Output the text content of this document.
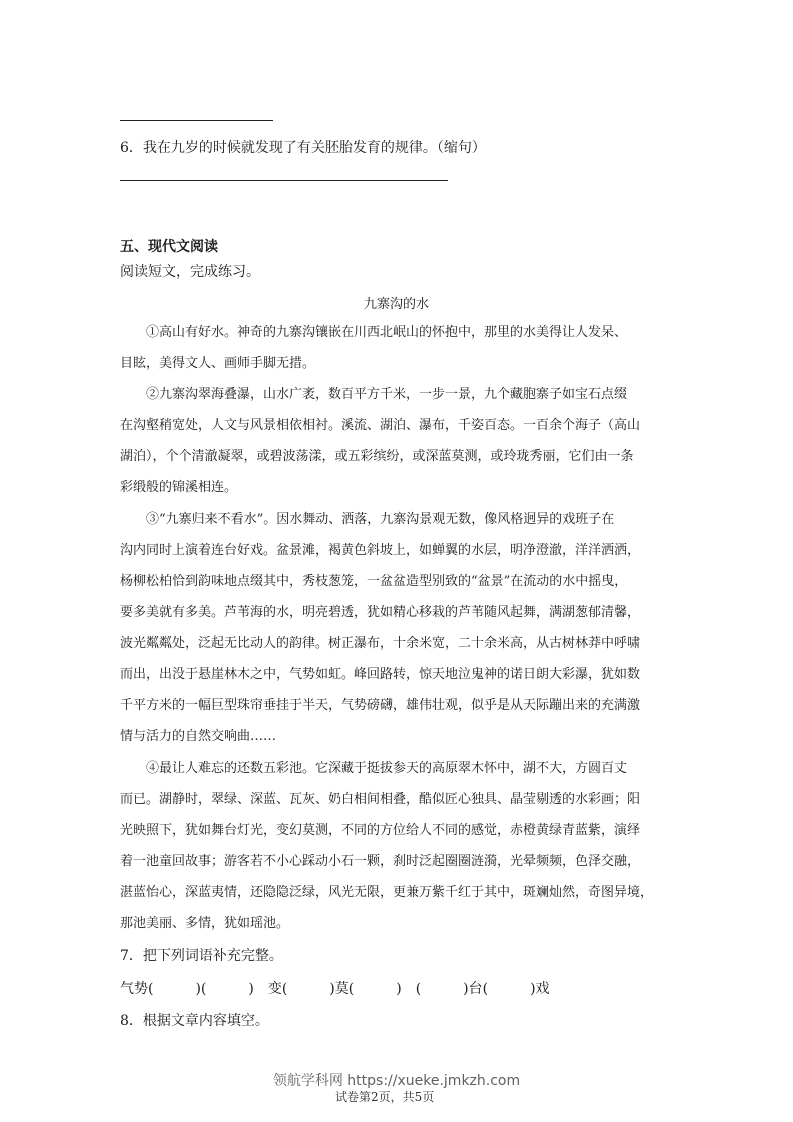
6．我在九岁的时候就发现了有关胚胎发育的规律。（缩句）
五、现代文阅读
阅读短文，完成练习。
九寨沟的水
①高山有好水。神奇的九寨沟镶嵌在川西北岷山的怀抱中，那里的水美得让人发呆、
目眩，美得文人、画师手脚无措。
②九寨沟翠海叠瀑，山水广袤，数百平方千米，一步一景，九个藏胞寨子如宝石点缀
在沟壑稍宽处，人文与风景相依相衬。溪流、湖泊、瀑布，千姿百态。一百余个海子（高山
湖泊），个个清澈凝翠，或碧波荡漾，或五彩缤纷，或深蓝莫测，或玲珑秀丽，它们由一条
彩缎般的锦溪相连。
③“九寨归来不看水”。因水舞动、洒落，九寨沟景观无数，像风格迥异的戏班子在
沟内同时上演着连台好戏。盆景滩，褐黄色斜坡上，如蝉翼的水层，明净澄澈，洋洋洒洒，
杨柳松柏恰到韵味地点缀其中，秀枝葱笼，一盆盆造型别致的“盆景”在流动的水中摇曳，
要多美就有多美。芦苇海的水，明亮碧透，犹如精心移栽的芦苇随风起舞，满湖葱郁清馨，
波光粼粼处，泛起无比动人的韵律。树正瀑布，十余米宽，二十余米高，从古树林莽中呼啸
而出，出没于悬崖林木之中，气势如虹。峰回路转，惊天地泣鬼神的诺日朗大彩瀑，犹如数
千平方米的一幅巨型珠帘垂挂于半天，气势磅礴，雄伟壮观，似乎是从天际蹦出来的充满激
情与活力的自然交响曲……
④最让人难忘的还数五彩池。它深藏于挺拔参天的高原翠木怀中，湖不大，方圆百丈
而已。湖静时，翠绿、深蓝、瓦灰、奶白相间相叠，酷似匠心独具、晶莹剔透的水彩画；阳
光映照下，犹如舞台灯光，变幻莫测，不同的方位给人不同的感觉，赤橙黄绿青蓝紫，演绎
着一池童回故事；游客若不小心踩动小石一颗，刹时泛起圈圈涟漪，光晕频频，色泽交融，
湛蓝怡心，深蓝夷情，还隐隐泛绿，风光无限，更兼万紫千红于其中，斑斓灿然，奇图异境，
那池美丽、多情，犹如瑶池。
7．把下列词语补充完整。
气势(　　　)(　　　)　变(　　　)莫(　　　)　(　　　)台(　　　)戏
8．根据文章内容填空。
领航学科网 https://xueke.jmkzh.com
试卷第2页，共5页
